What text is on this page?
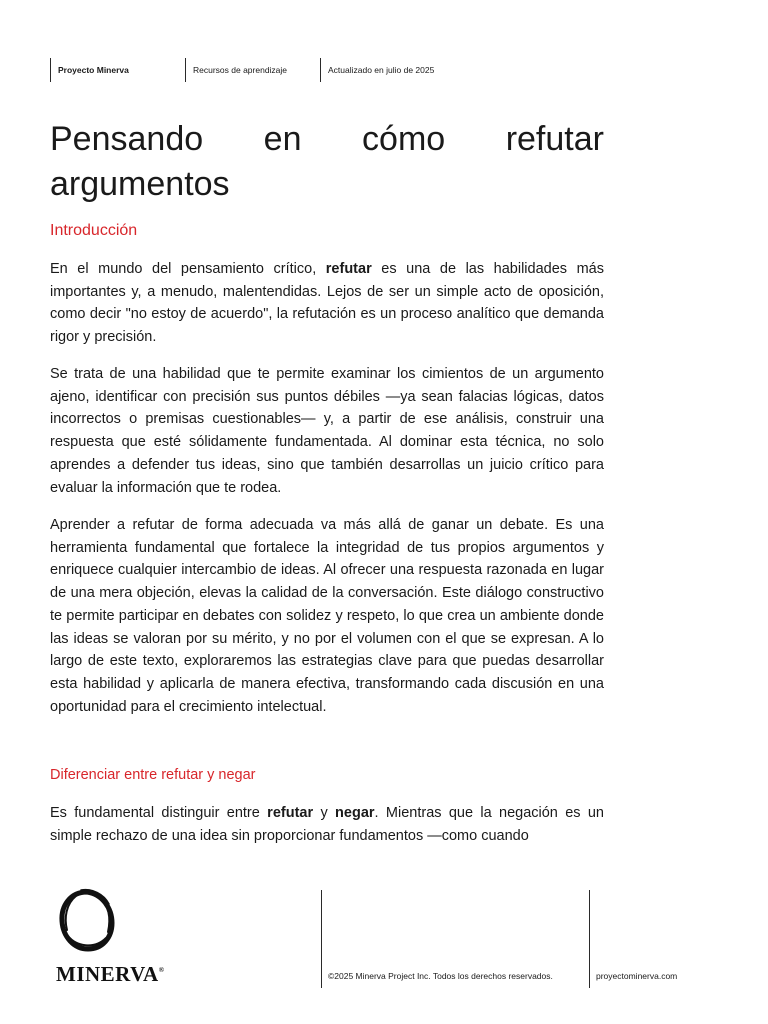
Proyecto Minerva	Recursos de aprendizaje	Actualizado en julio de 2025
Pensando en cómo refutar
argumentos
Introducción

En el mundo del pensamiento crítico, refutar es una de las habilidades más importantes y, a menudo, malentendidas. Lejos de ser un simple acto de oposición, como decir "no estoy de acuerdo", la refutación es un proceso analítico que demanda rigor y precisión.

Se trata de una habilidad que te permite examinar los cimientos de un argumento ajeno, identificar con precisión sus puntos débiles —ya sean falacias lógicas, datos incorrectos o premisas cuestionables— y, a partir de ese análisis, construir una respuesta que esté sólidamente fundamentada. Al dominar esta técnica, no solo aprendes a defender tus ideas, sino que también desarrollas un juicio crítico para evaluar la información que te rodea.

Aprender a refutar de forma adecuada va más allá de ganar un debate. Es una herramienta fundamental que fortalece la integridad de tus propios argumentos y enriquece cualquier intercambio de ideas. Al ofrecer una respuesta razonada en lugar de una mera objeción, elevas la calidad de la conversación. Este diálogo constructivo te permite participar en debates con solidez y respeto, lo que crea un ambiente donde las ideas se valoran por su mérito, y no por el volumen con el que se expresan. A lo largo de este texto, exploraremos las estrategias clave para que puedas desarrollar esta habilidad y aplicarla de manera efectiva, transformando cada discusión en una oportunidad para el crecimiento intelectual.

Diferenciar entre refutar y negar

Es fundamental distinguir entre refutar y negar. Mientras que la negación es un simple rechazo de una idea sin proporcionar fundamentos —como cuando

MINERVA®
©2025 Minerva Project Inc. Todos los derechos reservados.	proyectominerva.com
